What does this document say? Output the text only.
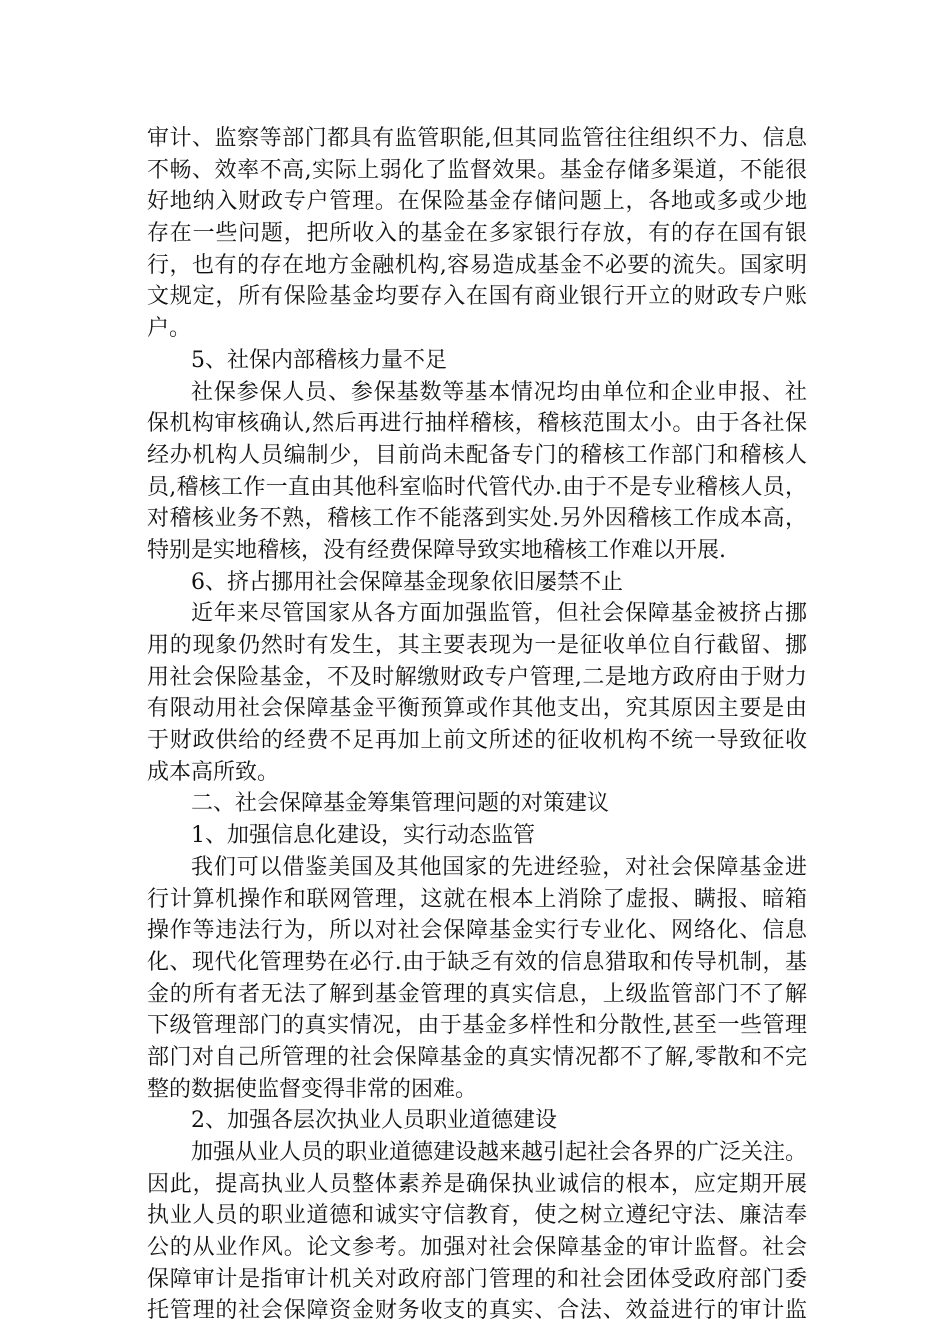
审计、监察等部门都具有监管职能,但其同监管往往组织不力、信息
不畅、效率不高,实际上弱化了监督效果。基金存储多渠道，不能很
好地纳入财政专户管理。在保险基金存储问题上，各地或多或少地
存在一些问题，把所收入的基金在多家银行存放，有的存在国有银
行，也有的存在地方金融机构,容易造成基金不必要的流失。国家明
文规定，所有保险基金均要存入在国有商业银行开立的财政专户账
户。
5、社保内部稽核力量不足
社保参保人员、参保基数等基本情况均由单位和企业申报、社
保机构审核确认,然后再进行抽样稽核，稽核范围太小。由于各社保
经办机构人员编制少，目前尚未配备专门的稽核工作部门和稽核人
员,稽核工作一直由其他科室临时代管代办.由于不是专业稽核人员，
对稽核业务不熟，稽核工作不能落到实处.另外因稽核工作成本高，
特别是实地稽核，没有经费保障导致实地稽核工作难以开展.
6、挤占挪用社会保障基金现象依旧屡禁不止
近年来尽管国家从各方面加强监管，但社会保障基金被挤占挪
用的现象仍然时有发生，其主要表现为一是征收单位自行截留、挪
用社会保险基金，不及时解缴财政专户管理,二是地方政府由于财力
有限动用社会保障基金平衡预算或作其他支出，究其原因主要是由
于财政供给的经费不足再加上前文所述的征收机构不统一导致征收
成本高所致。
二、社会保障基金筹集管理问题的对策建议
1、加强信息化建设，实行动态监管
我们可以借鉴美国及其他国家的先进经验，对社会保障基金进
行计算机操作和联网管理，这就在根本上消除了虚报、瞒报、暗箱
操作等违法行为，所以对社会保障基金实行专业化、网络化、信息
化、现代化管理势在必行.由于缺乏有效的信息猎取和传导机制，基
金的所有者无法了解到基金管理的真实信息，上级监管部门不了解
下级管理部门的真实情况，由于基金多样性和分散性,甚至一些管理
部门对自己所管理的社会保障基金的真实情况都不了解,零散和不完
整的数据使监督变得非常的困难。
2、加强各层次执业人员职业道德建设
加强从业人员的职业道德建设越来越引起社会各界的广泛关注。
因此，提高执业人员整体素养是确保执业诚信的根本，应定期开展
执业人员的职业道德和诚实守信教育，使之树立遵纪守法、廉洁奉
公的从业作风。论文参考。加强对社会保障基金的审计监督。社会
保障审计是指审计机关对政府部门管理的和社会团体受政府部门委
托管理的社会保障资金财务收支的真实、合法、效益进行的审计监
